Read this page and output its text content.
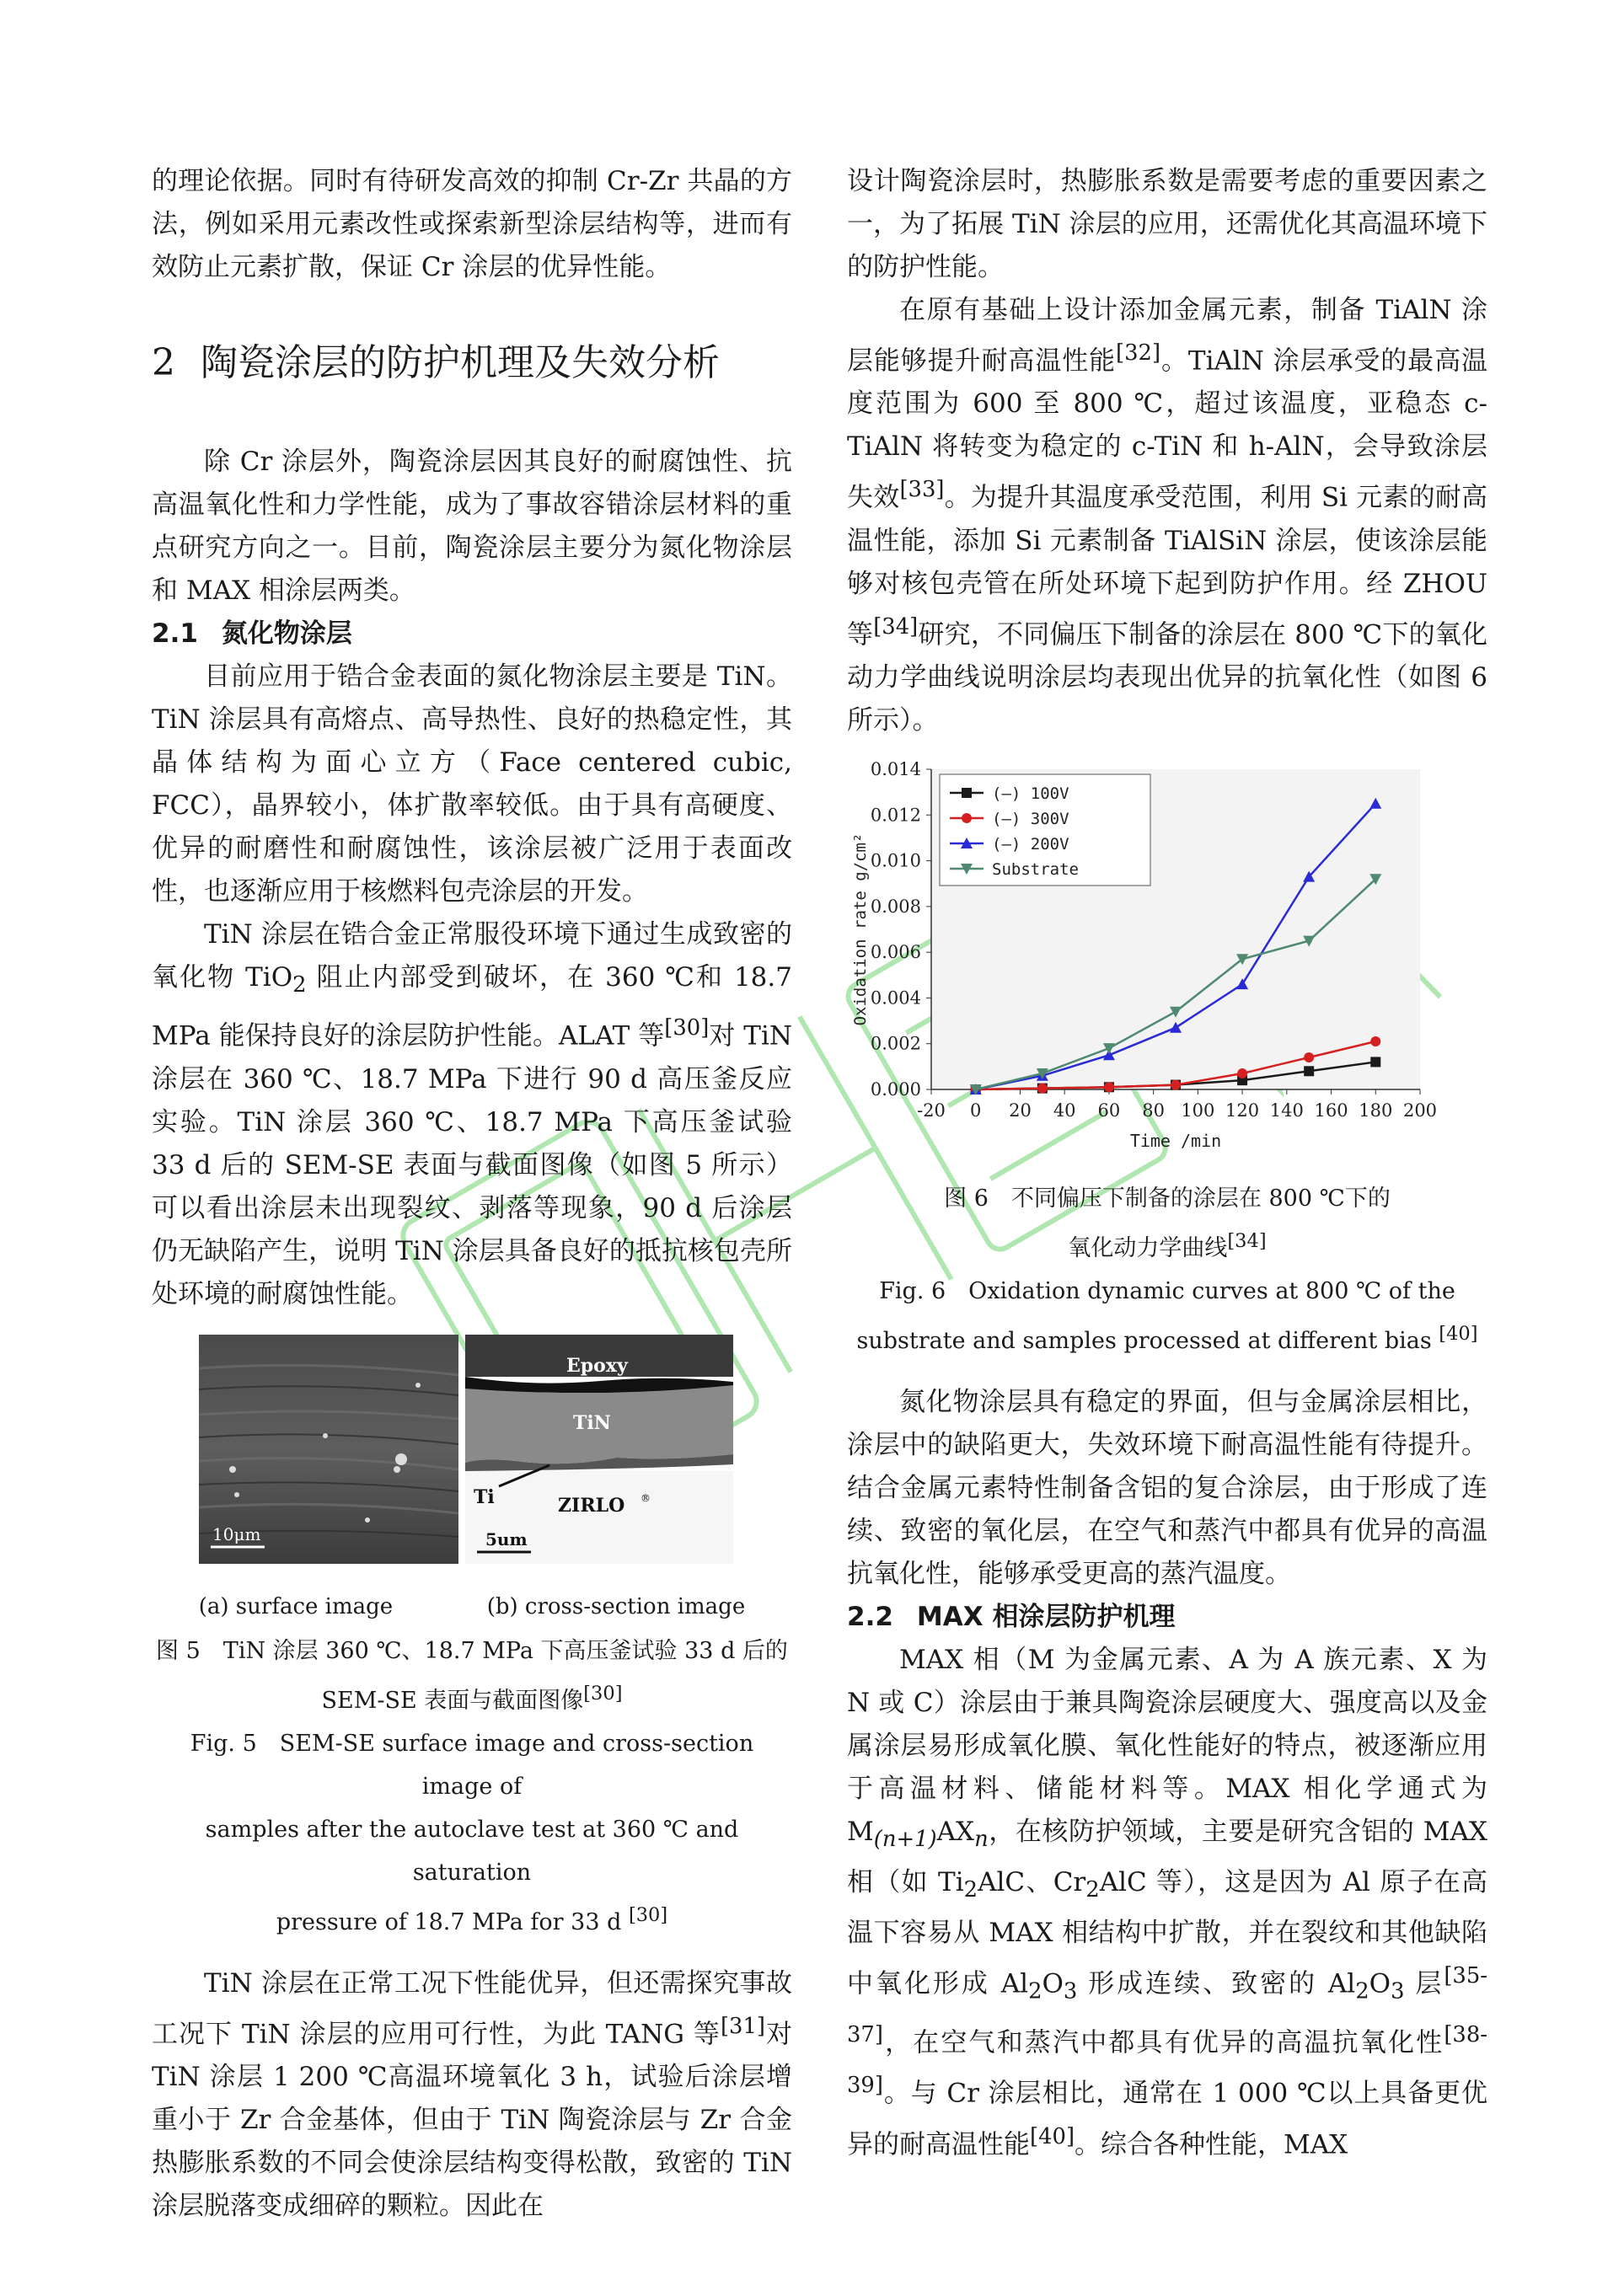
的理论依据。同时有待研发高效的抑制 Cr-Zr 共晶的方法，例如采用元素改性或探索新型涂层结构等，进而有效防止元素扩散，保证 Cr 涂层的优异性能。

2 陶瓷涂层的防护机理及失效分析

除 Cr 涂层外，陶瓷涂层因其良好的耐腐蚀性、抗高温氧化性和力学性能，成为了事故容错涂层材料的重点研究方向之一。目前，陶瓷涂层主要分为氮化物涂层和 MAX 相涂层两类。

2.1 氮化物涂层

目前应用于锆合金表面的氮化物涂层主要是 TiN。TiN 涂层具有高熔点、高导热性、良好的热稳定性，其晶体结构为面心立方（Face centered cubic, FCC），晶界较小，体扩散率较低。由于具有高硬度、优异的耐磨性和耐腐蚀性，该涂层被广泛用于表面改性，也逐渐应用于核燃料包壳涂层的开发。

TiN 涂层在锆合金正常服役环境下通过生成致密的氧化物 TiO$_2$ 阻止内部受到破坏，在 360 ℃和 18.7 MPa 能保持良好的涂层防护性能。ALAT 等[30]对 TiN 涂层在 360 ℃、18.7 MPa 下进行 90 d 高压釜反应实验。TiN 涂层 360 ℃、18.7 MPa 下高压釜试验 33 d 后的 SEM-SE 表面与截面图像（如图 5 所示）可以看出涂层未出现裂纹、剥落等现象，90 d 后涂层仍无缺陷产生，说明 TiN 涂层具备良好的抵抗核包壳所处环境的耐腐蚀性能。

10μm
Epoxy
TiN
Ti	ZIRLO ®
5um
(a) surface image	(b) cross-section image

图 5　TiN 涂层 360 ℃、18.7 MPa 下高压釜试验 33 d 后的

SEM-SE 表面与截面图像[30]

Fig. 5　SEM-SE surface image and cross-section image of

samples after the autoclave test at 360 ℃ and saturation

pressure of 18.7 MPa for 33 d [30]

TiN 涂层在正常工况下性能优异，但还需探究事故工况下 TiN 涂层的应用可行性，为此 TANG 等[31]对 TiN 涂层 1 200 ℃高温环境氧化 3 h，试验后涂层增重小于 Zr 合金基体，但由于 TiN 陶瓷涂层与 Zr 合金热膨胀系数的不同会使涂层结构变得松散，致密的 TiN 涂层脱落变成细碎的颗粒。因此在

设计陶瓷涂层时，热膨胀系数是需要考虑的重要因素之一，为了拓展 TiN 涂层的应用，还需优化其高温环境下的防护性能。

在原有基础上设计添加金属元素，制备 TiAlN 涂层能够提升耐高温性能[32]。TiAlN 涂层承受的最高温度范围为 600 至 800 ℃，超过该温度，亚稳态 c-TiAlN 将转变为稳定的 c-TiN 和 h-AlN，会导致涂层失效[33]。为提升其温度承受范围，利用 Si 元素的耐高温性能，添加 Si 元素制备 TiAlSiN 涂层，使该涂层能够对核包壳管在所处环境下起到防护作用。经 ZHOU 等[34]研究，不同偏压下制备的涂层在 800 ℃下的氧化动力学曲线说明涂层均表现出优异的抗氧化性（如图 6 所示）。

-20 0 20 40 60 80 100 120 140 160 180 200
0.000
0.002
0.004
0.006
0.008
0.010
0.012
0.014
Time /min
Oxidation rate g/cm²
(—) 100V
(—) 300V
(—) 200V
Substrate

图 6　不同偏压下制备的涂层在 800 ℃下的

氧化动力学曲线[34]

Fig. 6　Oxidation dynamic curves at 800 ℃ of the

substrate and samples processed at different bias [40]

氮化物涂层具有稳定的界面，但与金属涂层相比，涂层中的缺陷更大，失效环境下耐高温性能有待提升。结合金属元素特性制备含铝的复合涂层，由于形成了连续、致密的氧化层，在空气和蒸汽中都具有优异的高温抗氧化性，能够承受更高的蒸汽温度。

2.2 MAX 相涂层防护机理

MAX 相（M 为金属元素、A 为 A 族元素、X 为 N 或 C）涂层由于兼具陶瓷涂层硬度大、强度高以及金属涂层易形成氧化膜、氧化性能好的特点，被逐渐应用于高温材料、储能材料等。MAX 相化学通式为 $M_{(n+1)}AX_n$，在核防护领域，主要是研究含铝的 MAX 相（如 $Ti_2AlC$、$Cr_2AlC$ 等），这是因为 Al 原子在高温下容易从 MAX 相结构中扩散，并在裂纹和其他缺陷中氧化形成 $Al_2O_3$ 形成连续、致密的 $Al_2O_3$ 层[35-37]，在空气和蒸汽中都具有优异的高温抗氧化性[38-39]。与 Cr 涂层相比，通常在 1 000 ℃以上具备更优异的耐高温性能[40]。综合各种性能，MAX
